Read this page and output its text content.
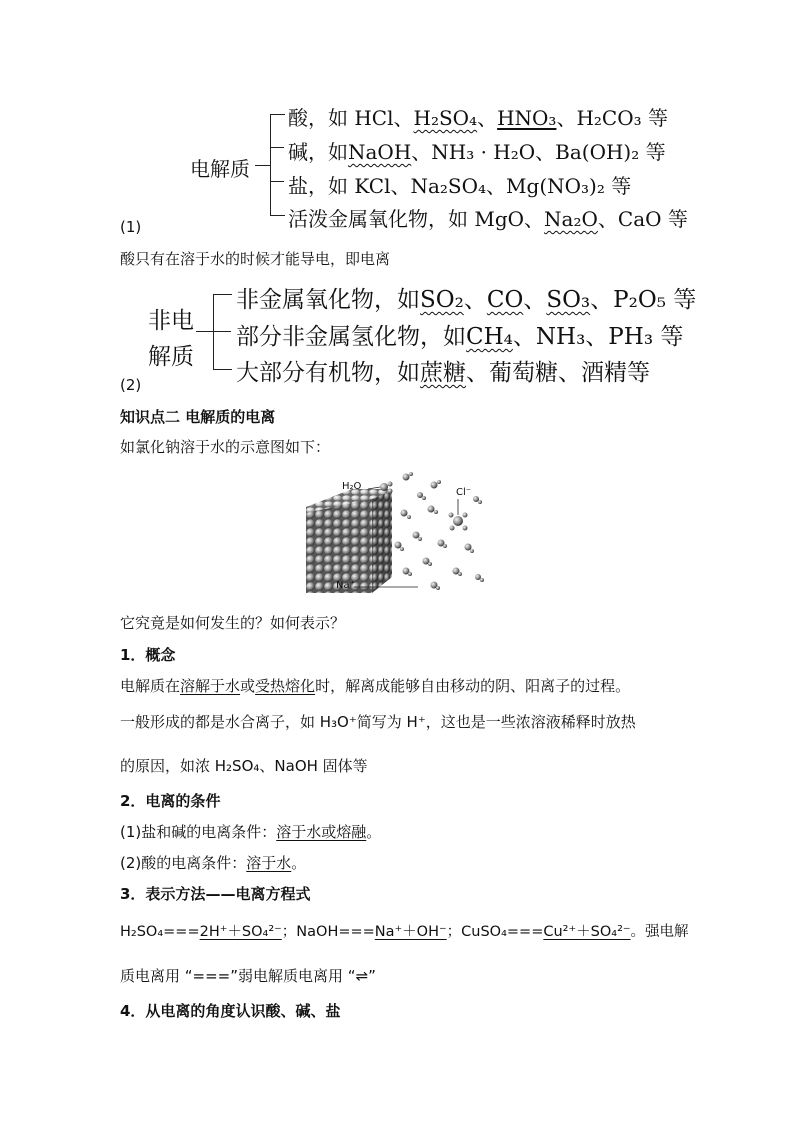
电解质
酸，如 HCl、H₂SO₄、HNO₃、H₂CO₃ 等
碱，如NaOH、NH₃ · H₂O、Ba(OH)₂ 等
盐，如 KCl、Na₂SO₄、Mg(NO₃)₂ 等
活泼金属氧化物，如 MgO、Na₂O、CaO 等
(1)
酸只有在溶于水的时候才能导电，即电离
非电
解质
非金属氧化物，如SO₂、CO、SO₃、P₂O₅ 等
部分非金属氢化物，如CH₄、NH₃、PH₃ 等
大部分有机物，如蔗糖、葡萄糖、酒精等
(2)
知识点二 电解质的电离
如氯化钠溶于水的示意图如下：
H₂O
Cl⁻
Na⁺
它究竟是如何发生的？如何表示？
1．概念
电解质在溶解于水或受热熔化时，解离成能够自由移动的阴、阳离子的过程。
一般形成的都是水合离子，如 H₃O⁺简写为 H⁺，这也是一些浓溶液稀释时放热
的原因，如浓 H₂SO₄、NaOH 固体等
2．电离的条件
(1)盐和碱的电离条件：溶于水或熔融。
(2)酸的电离条件：溶于水。
3．表示方法——电离方程式
H₂SO₄===2H⁺＋SO₄²⁻；NaOH===Na⁺＋OH⁻；CuSO₄===Cu²⁺＋SO₄²⁻。强电解
质电离用 “===”弱电解质电离用 “⇌”
4．从电离的角度认识酸、碱、盐
